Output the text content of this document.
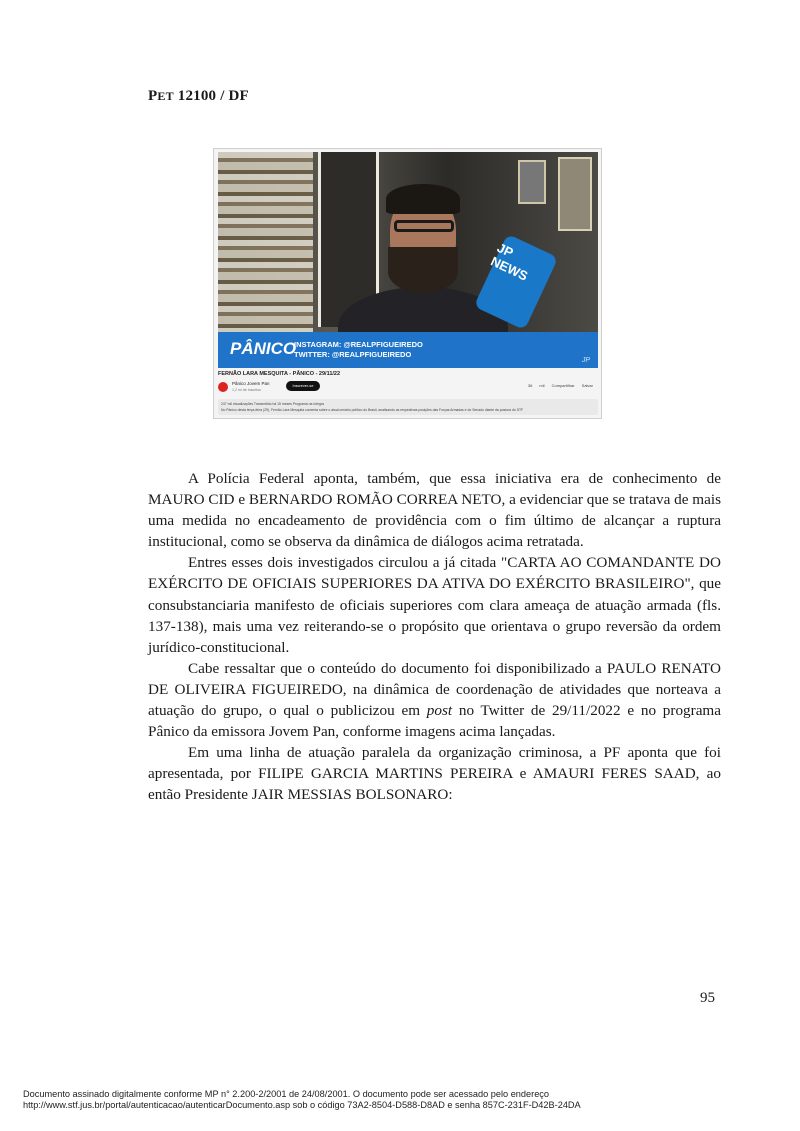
PET 12100 / DF
JP NEWS
PÂNICO
INSTAGRAM: @REALPFIGUEIREDO
TWITTER: @REALPFIGUEIREDO
JP
FERNÃO LARA MESQUITA - PÂNICO - 29/11/22
Pânico Jovem Pan
1,2 mi de inscritos
Inscrever-se	36 mil Compartilhar Salvar
247 mil visualizações Transmitido há 15 meses Programa na íntegra
No Pânico desta terça-feira (29), Fernão Lara Mesquita comenta sobre o atual cenário político do Brasil, analisando as respectivas posições das Forças Armadas e do Senado diante da postura do STF

A Polícia Federal aponta, também, que essa iniciativa era de conhecimento de MAURO CID e BERNARDO ROMÃO CORREA NETO, a evidenciar que se tratava de mais uma medida no encadeamento de providência com o fim último de alcançar a ruptura institucional, como se observa da dinâmica de diálogos acima retratada.

Entres esses dois investigados circulou a já citada "CARTA AO COMANDANTE DO EXÉRCITO DE OFICIAIS SUPERIORES DA ATIVA DO EXÉRCITO BRASILEIRO", que consubstanciaria manifesto de oficiais superiores com clara ameaça de atuação armada (fls. 137-138), mais uma vez reiterando-se o propósito que orientava o grupo reversão da ordem jurídico-constitucional.

Cabe ressaltar que o conteúdo do documento foi disponibilizado a PAULO RENATO DE OLIVEIRA FIGUEIREDO, na dinâmica de coordenação de atividades que norteava a atuação do grupo, o qual o publicizou em post no Twitter de 29/11/2022 e no programa Pânico da emissora Jovem Pan, conforme imagens acima lançadas.

Em uma linha de atuação paralela da organização criminosa, a PF aponta que foi apresentada, por FILIPE GARCIA MARTINS PEREIRA e AMAURI FERES SAAD, ao então Presidente JAIR MESSIAS BOLSONARO:

95
Documento assinado digitalmente conforme MP n° 2.200-2/2001 de 24/08/2001. O documento pode ser acessado pelo endereço
http://www.stf.jus.br/portal/autenticacao/autenticarDocumento.asp sob o código 73A2-8504-D588-D8AD e senha 857C-231F-D42B-24DA
